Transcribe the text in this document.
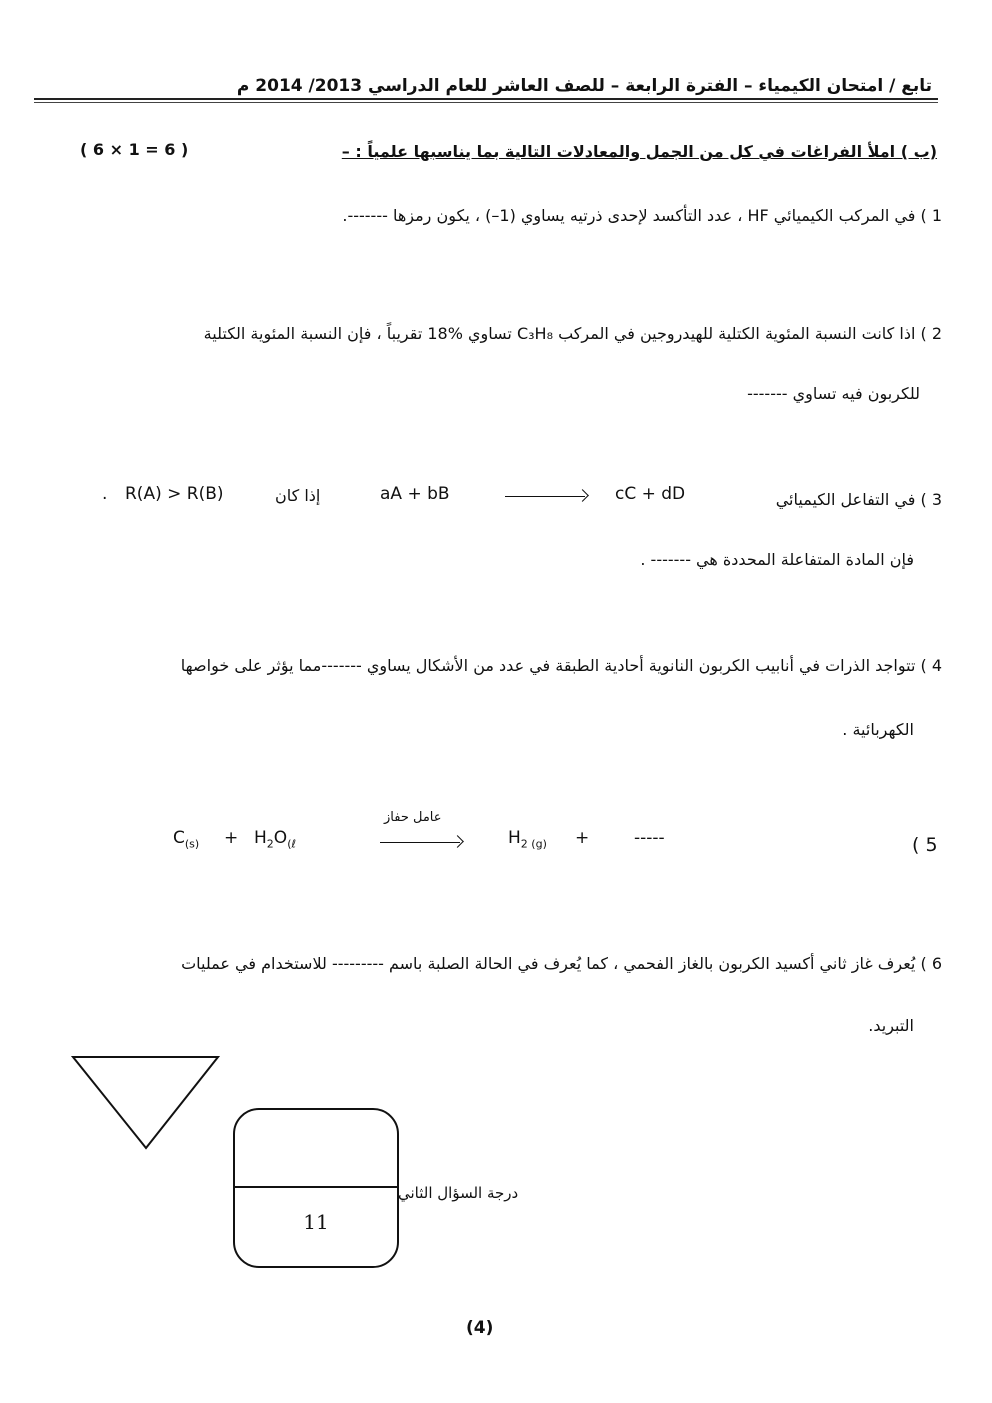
تابع / امتحان الكيمياء – الفترة الرابعة – للصف العاشر للعام الدراسي 2013/ 2014 م
(ب ) املأ الفراغات في كل من الجمل والمعادلات التالية بما يناسبها علمياً : –
( 6 × 1 = 6 )
1 ) في المركب الكيميائي HF ، عدد التأكسد لإحدى ذرتيه يساوي (1–) ، يكون رمزها ‎-------.
2 ) اذا كانت النسبة المئوية الكتلية للهيدروجين في المركب C₃H₈ تساوي %18 تقريباً ، فإن النسبة المئوية الكتلية
للكربون فيه تساوي ‎-------
3 ) في التفاعل الكيميائي
cC + dD
aA + bB
إذا كان
R(A) > R(B)
.
فإن المادة المتفاعلة المحددة هي ‎------- .
4 ) تتواجد الذرات في أنابيب الكربون النانوية أحادية الطبقة في عدد من الأشكال يساوي ‎-------مما يؤثر على خواصها
الكهربائية .
( 5
$C_{(s)} + H_2O_{(\ell}$
عامل حفاز
$H_{2 (g)}$ +	-----
6 ) يُعرف غاز ثاني أكسيد الكربون بالغاز الفحمي ، كما يُعرف في الحالة الصلبة باسم ‎--------- للاستخدام في عمليات
التبريد.
11
درجة السؤال الثاني
(4)
